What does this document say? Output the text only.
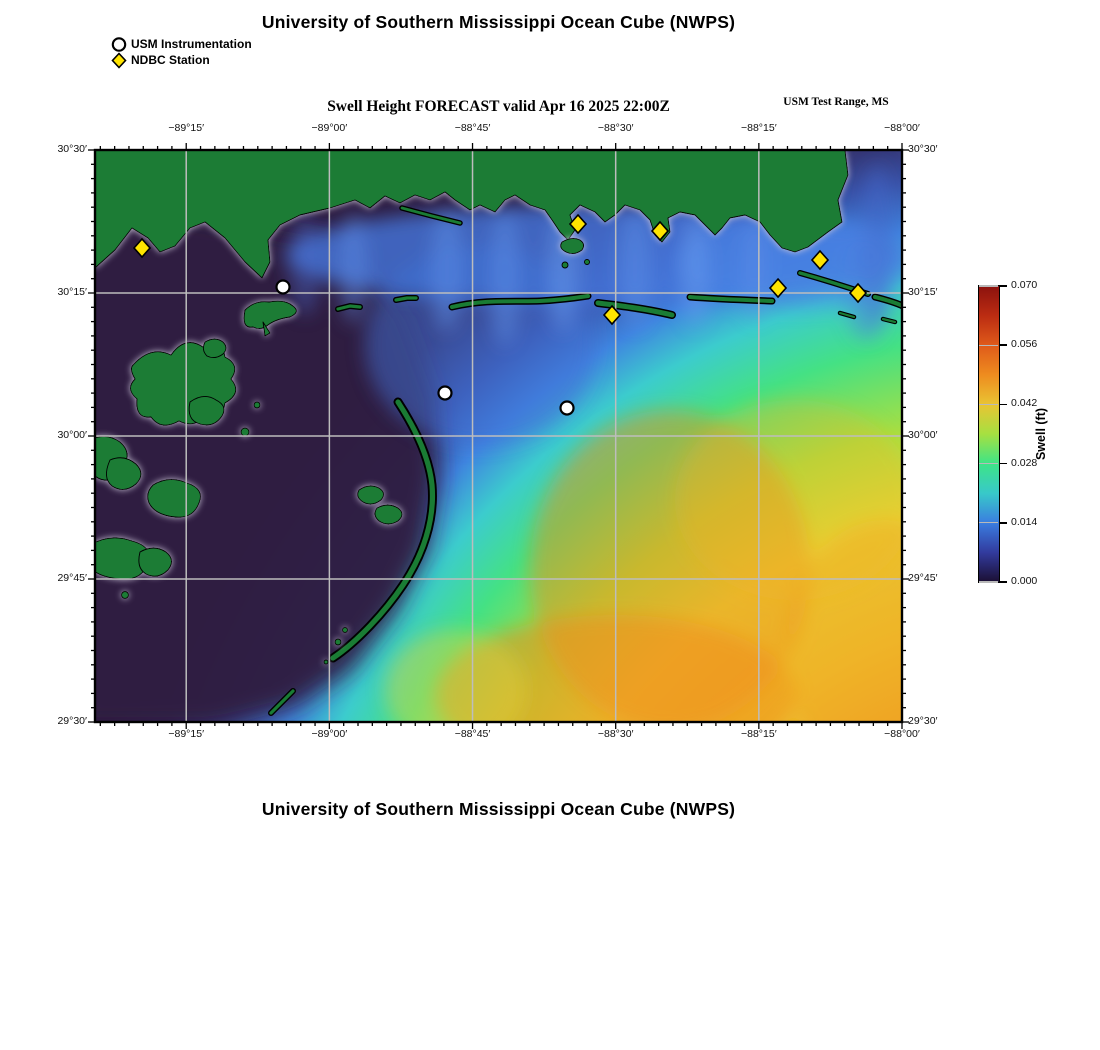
University of Southern Mississippi Ocean Cube (NWPS)
USM Instrumentation
NDBC Station
Swell Height FORECAST valid Apr 16 2025 22:00Z	USM Test Range, MS
Swell (ft)
University of Southern Mississippi Ocean Cube (NWPS)
−89°15′
−89°15′
−89°00′
−89°00′
−88°45′
−88°45′
−88°30′
−88°30′
−88°15′
−88°15′
−88°00′
−88°00′
30°30′	30°30′
30°15′	30°15′
30°00′	30°00′
29°45′	29°45′
29°30′	29°30′
0.070
0.056
0.042
0.028
0.014
0.000
